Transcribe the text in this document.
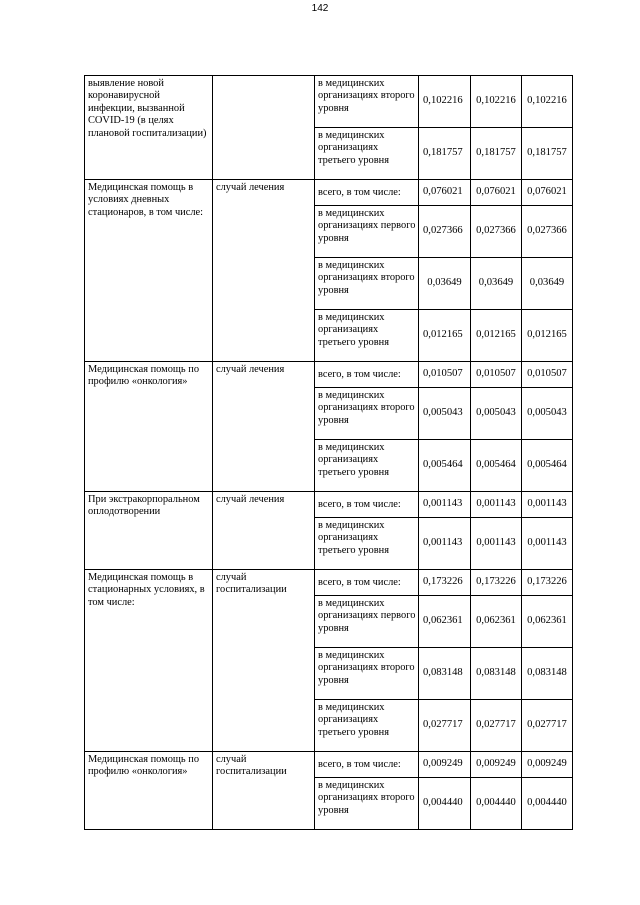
142
выявление новой коронавирусной инфекции, вызванной COVID-19 (в целях плановой госпитализации)		в медицинских организациях второго уровня	0,102216	0,102216	0,102216
		в медицинских организациях третьего уровня	0,181757	0,181757	0,181757
Медицинская помощь в условиях дневных стационаров, в том числе:	случай лечения	всего, в том числе:	0,076021	0,076021	0,076021
		в медицинских организациях первого уровня	0,027366	0,027366	0,027366
		в медицинских организациях второго уровня	0,03649	0,03649	0,03649
		в медицинских организациях третьего уровня	0,012165	0,012165	0,012165
Медицинская помощь по профилю «онкология»	случай лечения	всего, в том числе:	0,010507	0,010507	0,010507
		в медицинских организациях второго уровня	0,005043	0,005043	0,005043
		в медицинских организациях третьего уровня	0,005464	0,005464	0,005464
При экстракорпоральном оплодотворении	случай лечения	всего, в том числе:	0,001143	0,001143	0,001143
		в медицинских организациях третьего уровня	0,001143	0,001143	0,001143
Медицинская помощь в стационарных условиях, в том числе:	случай госпитализации	всего, в том числе:	0,173226	0,173226	0,173226
		в медицинских организациях первого уровня	0,062361	0,062361	0,062361
		в медицинских организациях второго уровня	0,083148	0,083148	0,083148
		в медицинских организациях третьего уровня	0,027717	0,027717	0,027717
Медицинская помощь по профилю «онкология»	случай госпитализации	всего, в том числе:	0,009249	0,009249	0,009249
		в медицинских организациях второго уровня	0,004440	0,004440	0,004440
